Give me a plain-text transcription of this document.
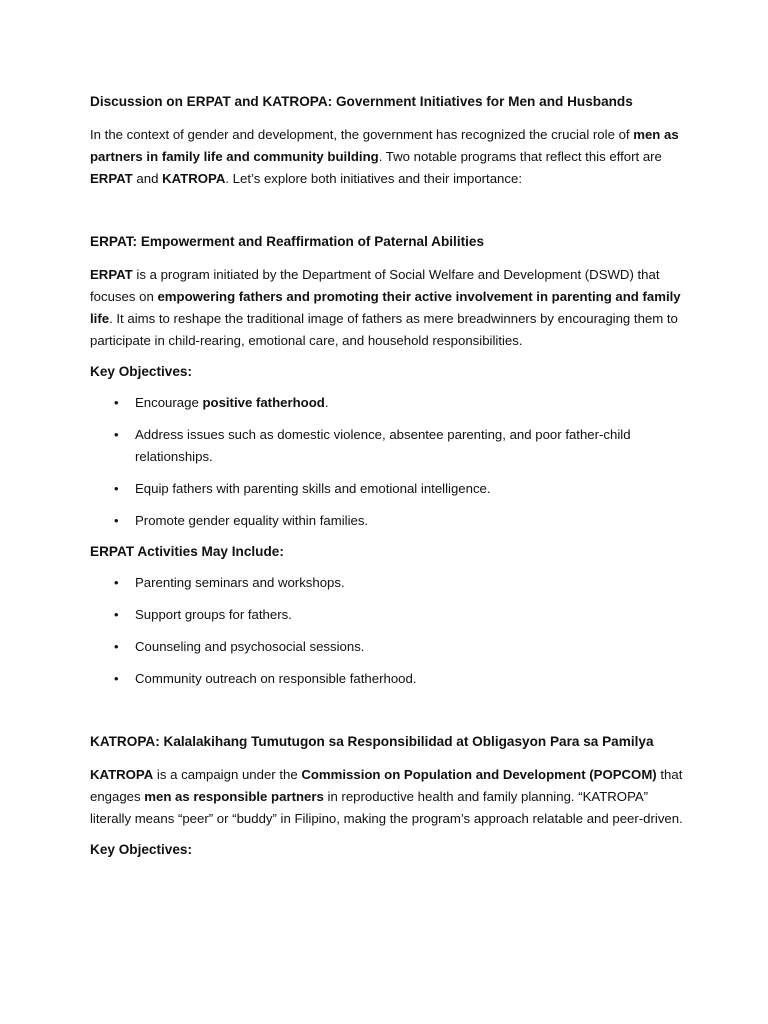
Discussion on ERPAT and KATROPA: Government Initiatives for Men and Husbands

In the context of gender and development, the government has recognized the crucial role of men as partners in family life and community building. Two notable programs that reflect this effort are ERPAT and KATROPA. Let’s explore both initiatives and their importance:

ERPAT: Empowerment and Reaffirmation of Paternal Abilities

ERPAT is a program initiated by the Department of Social Welfare and Development (DSWD) that focuses on empowering fathers and promoting their active involvement in parenting and family life. It aims to reshape the traditional image of fathers as mere breadwinners by encouraging them to participate in child-rearing, emotional care, and household responsibilities.

Key Objectives:
• Encourage positive fatherhood.
• Address issues such as domestic violence, absentee parenting, and poor father-child relationships.
• Equip fathers with parenting skills and emotional intelligence.
• Promote gender equality within families.
ERPAT Activities May Include:
• Parenting seminars and workshops.
• Support groups for fathers.
• Counseling and psychosocial sessions.
• Community outreach on responsible fatherhood.
KATROPA: Kalalakihang Tumutugon sa Responsibilidad at Obligasyon Para sa Pamilya

KATROPA is a campaign under the Commission on Population and Development (POPCOM) that engages men as responsible partners in reproductive health and family planning. “KATROPA” literally means “peer” or “buddy” in Filipino, making the program’s approach relatable and peer-driven.

Key Objectives:
